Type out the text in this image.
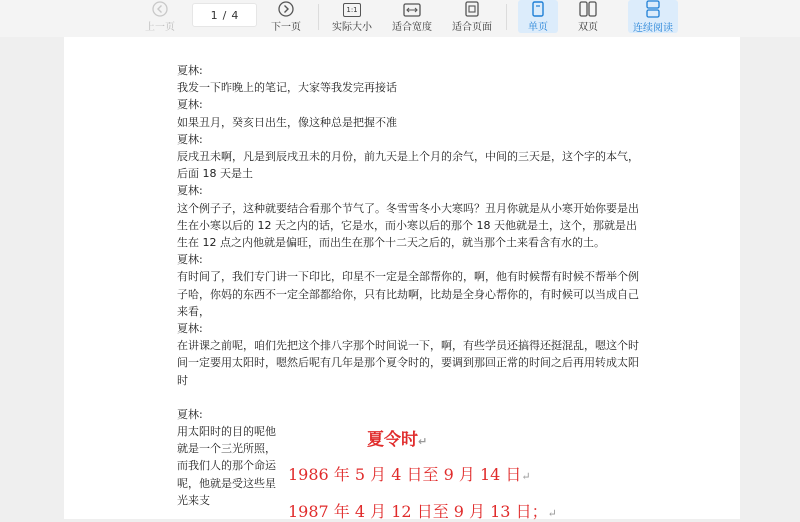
上一页
1 / 4
下一页
1:1
实际大小 适合宽度 适合页面	单页	双页	连续阅读

夏林:

我发一下昨晚上的笔记，大家等我发完再接话

夏林:

如果丑月，癸亥日出生，像这种总是把握不准

夏林:

辰戌丑未啊，凡是到辰戌丑未的月份，前九天是上个月的余气，中间的三天是，这个字的本气，后面 18 天是土

夏林:

这个例子子，这种就要结合看那个节气了。冬雪雪冬小大寒吗？丑月你就是从小寒开始你要是出生在小寒以后的 12 天之内的话，它是水，而小寒以后的那个 18 天他就是土，这个，那就是出生在 12 点之内他就是偏旺，而出生在那个十二天之后的，就当那个土来看含有水的土。

夏林:

有时间了，我们专门讲一下印比，印星不一定是全部帮你的，啊，他有时候帮有时候不帮举个例子哈，你妈的东西不一定全部都给你，只有比劫啊，比劫是全身心帮你的，有时候可以当成自己来看，

夏林:

在讲课之前呢，咱们先把这个排八字那个时间说一下，啊，有些学员还搞得还挺混乱，嗯这个时间一定要用太阳时，嗯然后呢有几年是那个夏令时的，要调到那回正常的时间之后再用转成太阳时

夏林:

用太阳时的目的呢他就是一个三光所照，而我们人的那个命运呢，他就是受这些星光来支

夏令时↵
1986 年 5 月 4 日至 9 月 14 日↵
1987 年 4 月 12 日至 9 月 13 日；↵
